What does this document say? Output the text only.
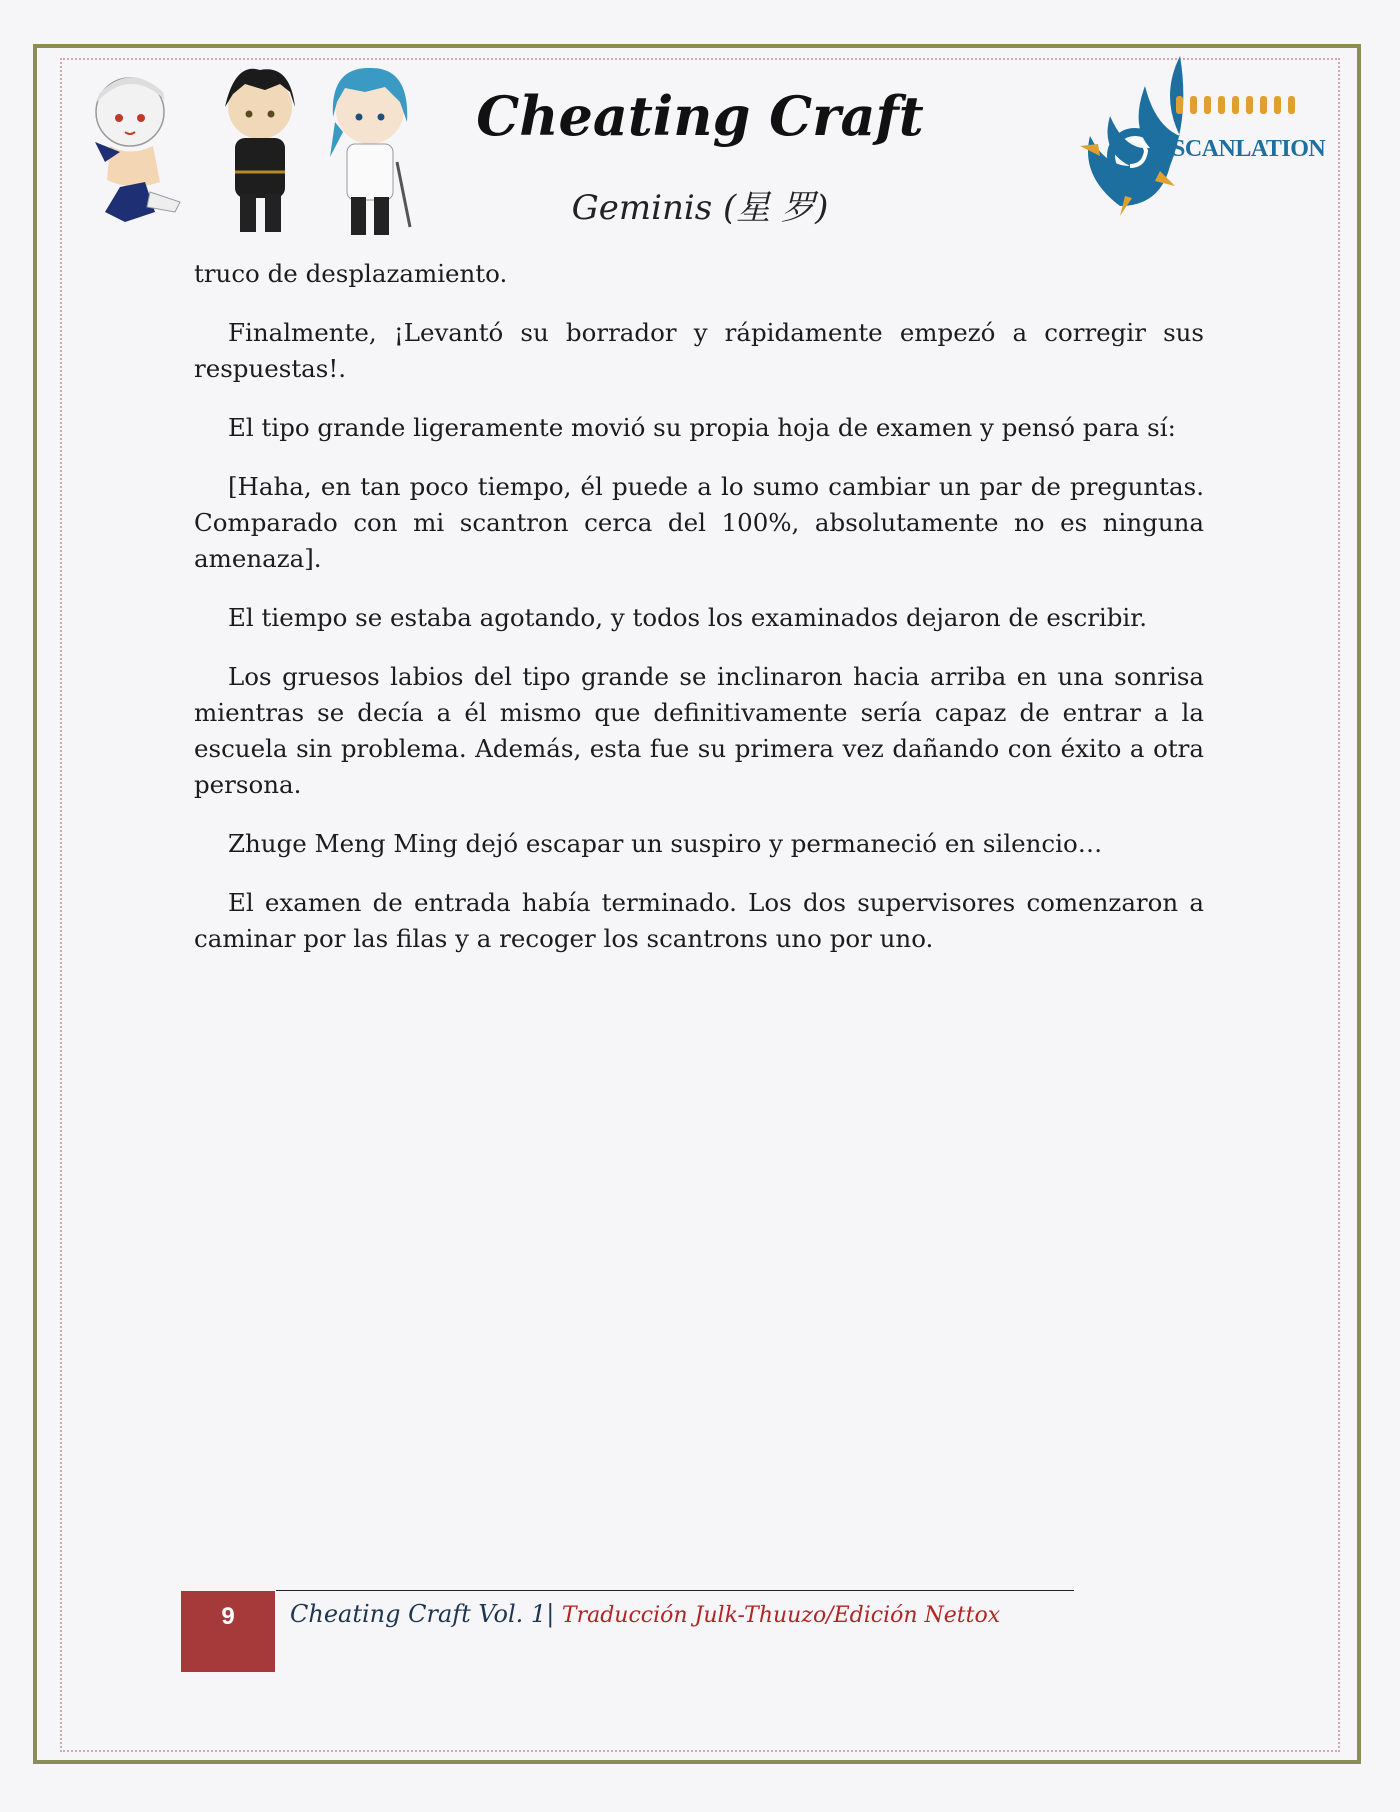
Cheating Craft
Geminis (星 罗)
SCANLATION

truco de desplazamiento.

Finalmente, ¡Levantó su borrador y rápidamente empezó a corregir sus respuestas!.

El tipo grande ligeramente movió su propia hoja de examen y pensó para sí:

[Haha, en tan poco tiempo, él puede a lo sumo cambiar un par de preguntas. Comparado con mi scantron cerca del 100%, absolutamente no es ninguna amenaza].

El tiempo se estaba agotando, y todos los examinados dejaron de escribir.

Los gruesos labios del tipo grande se inclinaron hacia arriba en una sonrisa mientras se decía a él mismo que definitivamente sería capaz de entrar a la escuela sin problema. Además, esta fue su primera vez dañando con éxito a otra persona.

Zhuge Meng Ming dejó escapar un suspiro y permaneció en silencio…

El examen de entrada había terminado. Los dos supervisores comenzaron a caminar por las filas y a recoger los scantrons uno por uno.

9 Cheating Craft Vol. 1| Traducción Julk-Thuuzo/Edición Nettox
